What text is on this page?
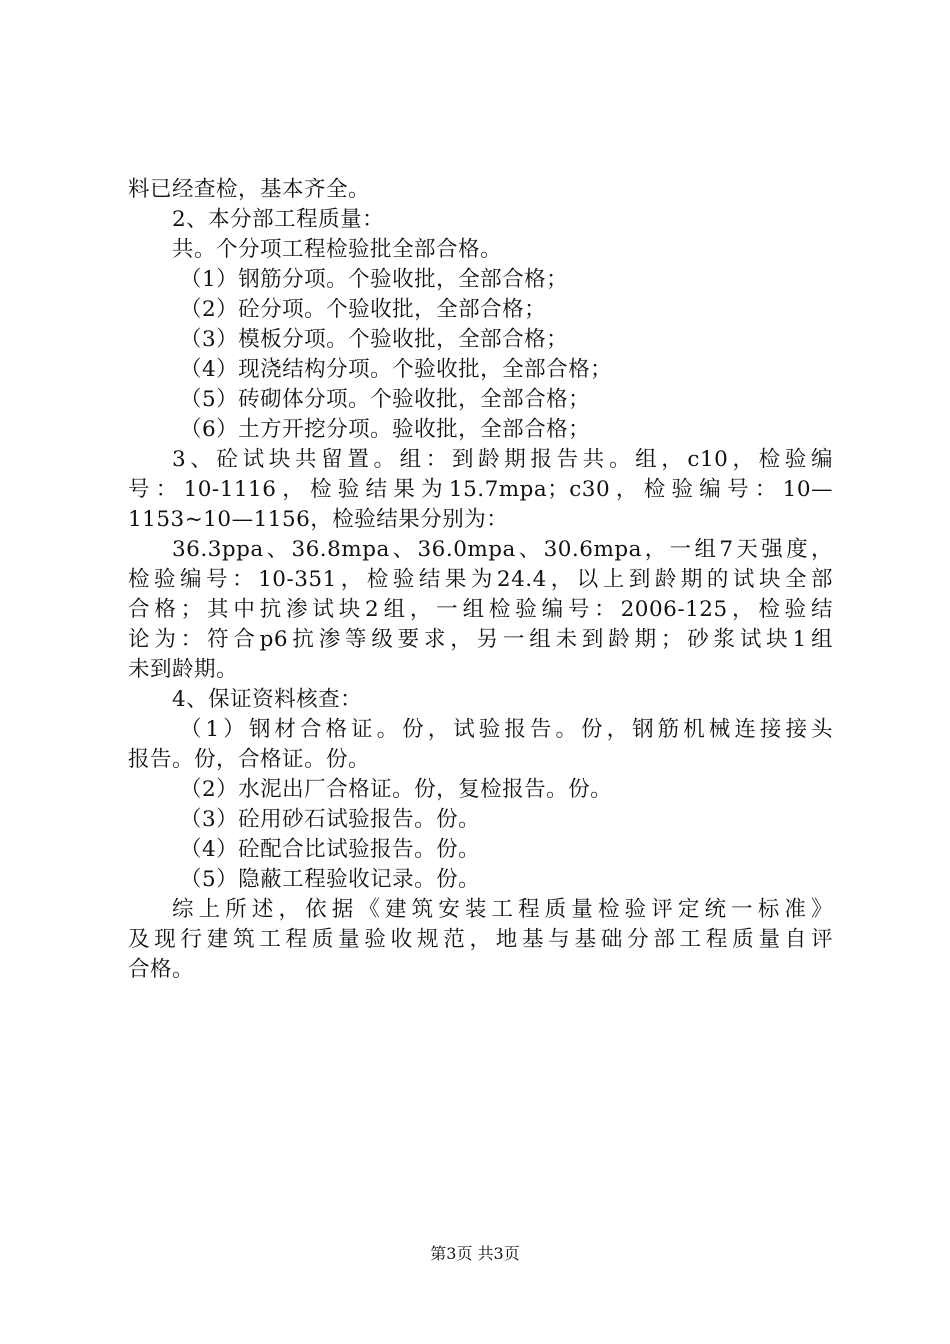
料已经查检，基本齐全。
2、本分部工程质量：
共。个分项工程检验批全部合格。
（1）钢筋分项。个验收批，全部合格；
（2）砼分项。个验收批，全部合格；
（3）模板分项。个验收批，全部合格；
（4）现浇结构分项。个验收批，全部合格；
（5）砖砌体分项。个验收批，全部合格；
（6）土方开挖分项。验收批，全部合格；
3、砼试块共留置。组：到龄期报告共。组，c10，检验编
号：10-1116，检验结果为15.7mpa；c30，检验编号：10—
1153~10—1156，检验结果分别为：
36.3ppa、36.8mpa、36.0mpa、30.6mpa，一组7天强度，
检验编号：10-351，检验结果为24.4，以上到龄期的试块全部
合格；其中抗渗试块2组，一组检验编号：2006-125，检验结
论为：符合p6抗渗等级要求，另一组未到龄期；砂浆试块1组
未到龄期。
4、保证资料核查：
（1）钢材合格证。份，试验报告。份，钢筋机械连接接头
报告。份，合格证。份。
（2）水泥出厂合格证。份，复检报告。份。
（3）砼用砂石试验报告。份。
（4）砼配合比试验报告。份。
（5）隐蔽工程验收记录。份。
综上所述，依据《建筑安装工程质量检验评定统一标准》
及现行建筑工程质量验收规范，地基与基础分部工程质量自评
合格。
第3页 共3页
